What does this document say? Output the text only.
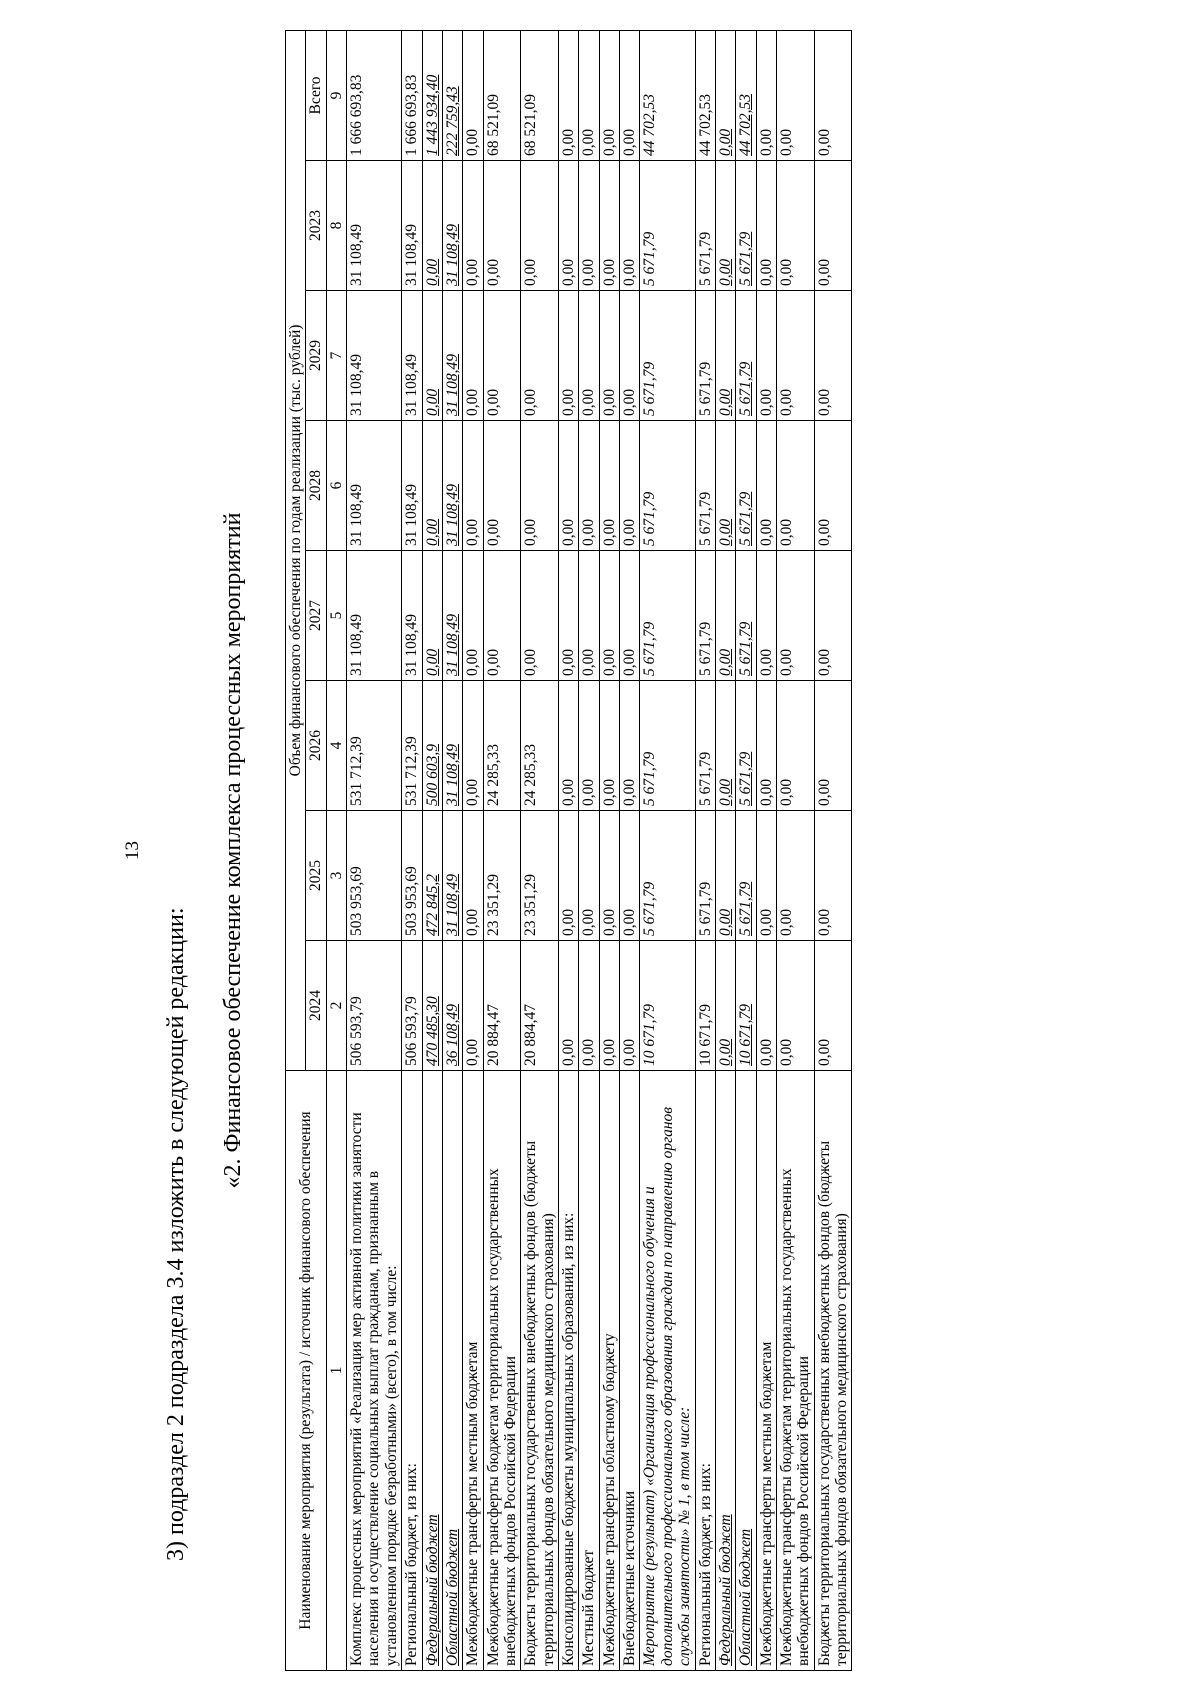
13
3) подраздел 2 подраздела 3.4 изложить в следующей редакции:
«2. Финансовое обеспечение комплекса процессных мероприятий
Наименование мероприятия (результата) / источник финансового обеспечения	Объем финансового обеспечения по годам реализации (тыс. рублей)							
	2024	2025	2026	2027	2028	2029	2023	Всего
1	2	3	4	5	6	7	8	9
Комплекс процессных мероприятий «Реализация мер активной политики занятости населения и осуществление социальных выплат гражданам, признанным в установленном порядке безработными» (всего), в том числе:	506 593,79	503 953,69	531 712,39	31 108,49	31 108,49	31 108,49	31 108,49	1 666 693,83
Региональный бюджет, из них:	506 593,79	503 953,69	531 712,39	31 108,49	31 108,49	31 108,49	31 108,49	1 666 693,83
Федеральный бюджет	470 485,30	472 845,2	500 603,9	0,00	0,00	0,00	0,00	1 443 934,40
Областной бюджет	36 108,49	31 108,49	31 108,49	31 108,49	31 108,49	31 108,49	31 108,49	222 759,43
Межбюджетные трансферты местным бюджетам	0,00	0,00	0,00	0,00	0,00	0,00	0,00	0,00
Межбюджетные трансферты бюджетам территориальных государственных внебюджетных фондов Российской Федерации	20 884,47	23 351,29	24 285,33	0,00	0,00	0,00	0,00	68 521,09
Бюджеты территориальных государственных внебюджетных фондов (бюджеты территориальных фондов обязательного медицинского страхования)	20 884,47	23 351,29	24 285,33	0,00	0,00	0,00	0,00	68 521,09
Консолидированные бюджеты муниципальных образований, из них:	0,00	0,00	0,00	0,00	0,00	0,00	0,00	0,00
Местный бюджет	0,00	0,00	0,00	0,00	0,00	0,00	0,00	0,00
Межбюджетные трансферты областному бюджету	0,00	0,00	0,00	0,00	0,00	0,00	0,00	0,00
Внебюджетные источники	0,00	0,00	0,00	0,00	0,00	0,00	0,00	0,00
Мероприятие (результат) «Организация профессионального обучения и дополнительного профессионального образования граждан по направлению органов службы занятости» № 1, в том числе:	10 671,79	5 671,79	5 671,79	5 671,79	5 671,79	5 671,79	5 671,79	44 702,53
Региональный бюджет, из них:	10 671,79	5 671,79	5 671,79	5 671,79	5 671,79	5 671,79	5 671,79	44 702,53
Федеральный бюджет	0,00	0,00	0,00	0,00	0,00	0,00	0,00	0,00
Областной бюджет	10 671,79	5 671,79	5 671,79	5 671,79	5 671,79	5 671,79	5 671,79	44 702,53
Межбюджетные трансферты местным бюджетам	0,00	0,00	0,00	0,00	0,00	0,00	0,00	0,00
Межбюджетные трансферты бюджетам территориальных государственных внебюджетных фондов Российской Федерации	0,00	0,00	0,00	0,00	0,00	0,00	0,00	0,00
Бюджеты территориальных государственных внебюджетных фондов (бюджеты территориальных фондов обязательного медицинского страхования)	0,00	0,00	0,00	0,00	0,00	0,00	0,00	0,00
